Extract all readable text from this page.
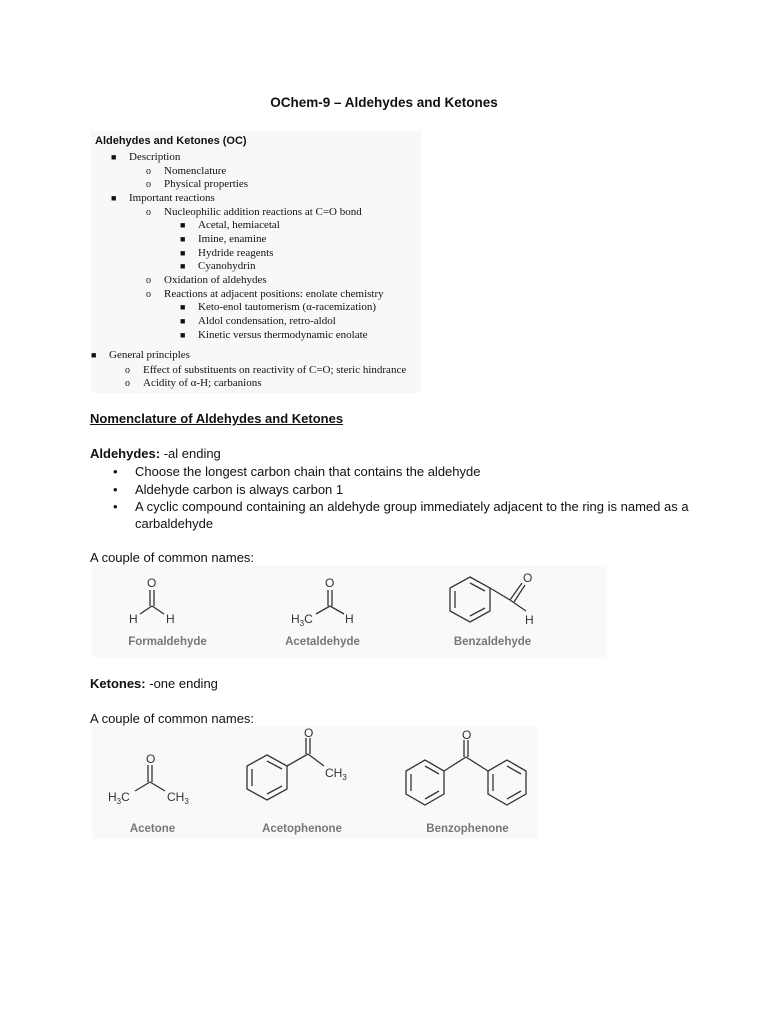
OChem-9 – Aldehydes and Ketones
Aldehydes and Ketones (OC)
■ Description
o Nomenclature
o Physical properties
■ Important reactions
o Nucleophilic addition reactions at C=O bond
■ Acetal, hemiacetal
■ Imine, enamine
■ Hydride reagents
■ Cyanohydrin
o Oxidation of aldehydes
o Reactions at adjacent positions: enolate chemistry
■ Keto-enol tautomerism (α-racemization)
■ Aldol condensation, retro-aldol
■ Kinetic versus thermodynamic enolate
■ General principles
o Effect of substituents on reactivity of C=O; steric hindrance
o Acidity of α-H; carbanions
Nomenclature of Aldehydes and Ketones
Aldehydes: -al ending
• Choose the longest carbon chain that contains the aldehyde
• Aldehyde carbon is always carbon 1
• A cyclic compound containing an aldehyde group immediately adjacent to the ring is named as a carbaldehyde
A couple of common names:
O
H H
O
$H_3C$	H
O
H
Formaldehyde	Acetaldehyde	Benzaldehyde
Ketones: -one ending
A couple of common names:
O
$H_3C$	$CH_3$
O
$CH_3$
O
Acetone	Acetophenone	Benzophenone
